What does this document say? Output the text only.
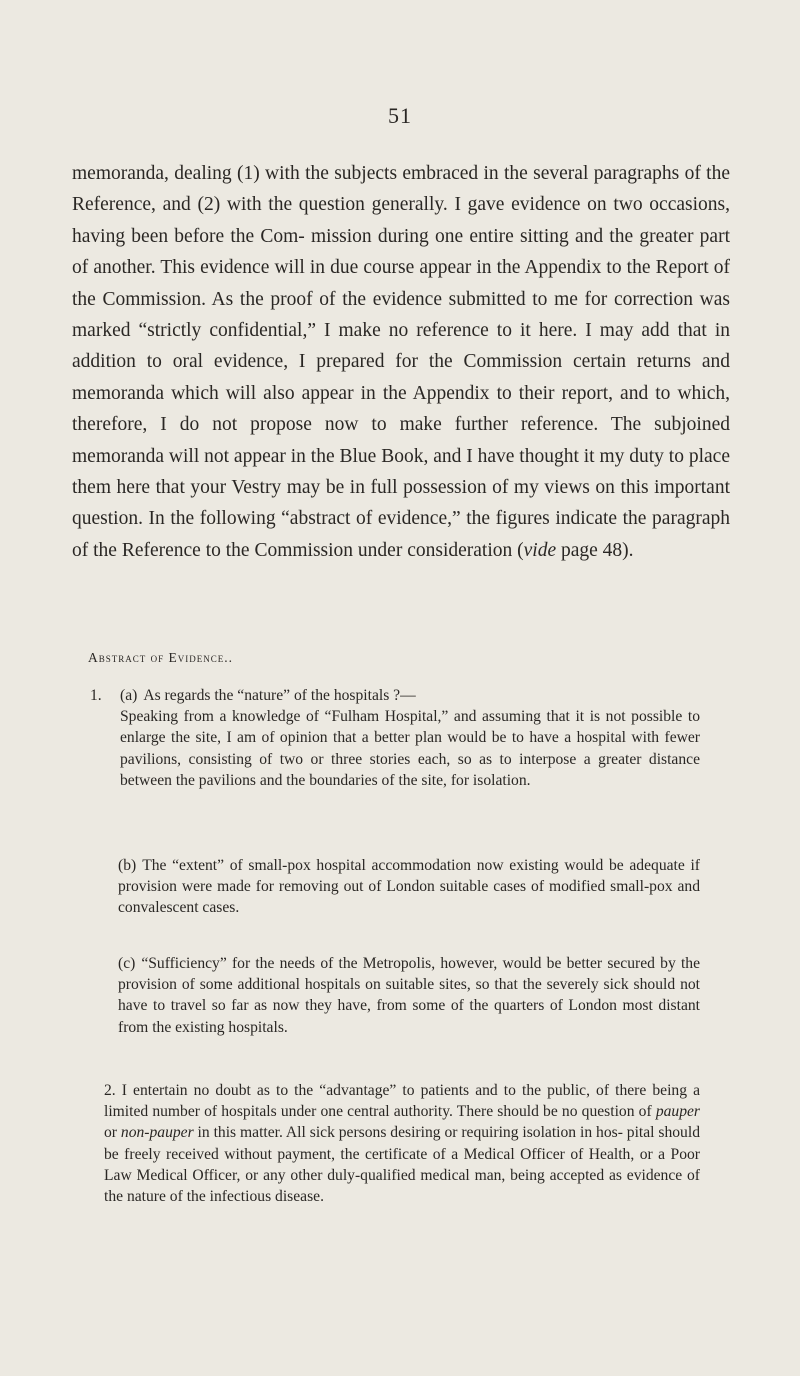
51

memoranda, dealing (1) with the subjects embraced in the several paragraphs of the Reference, and (2) with the question generally. I gave evidence on two occasions, having been before the Com- mission during one entire sitting and the greater part of another. This evidence will in due course appear in the Appendix to the Report of the Commission. As the proof of the evidence submitted to me for correction was marked “strictly confidential,” I make no reference to it here. I may add that in addition to oral evidence, I prepared for the Commission certain returns and memoranda which will also appear in the Appendix to their report, and to which, therefore, I do not propose now to make further reference. The subjoined memoranda will not appear in the Blue Book, and I have thought it my duty to place them here that your Vestry may be in full possession of my views on this important question. In the following “abstract of evidence,” the figures indicate the paragraph of the Reference to the Commission under consideration (vide page 48).

Abstract of Evidence..
1. (a) As regards the “nature” of the hospitals ?—
Speaking from a knowledge of “Fulham Hospital,” and assuming that it is not possible to enlarge the site, I am of opinion that a better plan would be to have a hospital with fewer pavilions, consisting of two or three stories each, so as to interpose a greater distance between the pavilions and the boundaries of the site, for isolation.
(b) The “extent” of small-pox hospital accommodation now existing would be adequate if provision were made for removing out of London suitable cases of modified small-pox and convalescent cases.
(c) “Sufficiency” for the needs of the Metropolis, however, would be better secured by the provision of some additional hospitals on suitable sites, so that the severely sick should not have to travel so far as now they have, from some of the quarters of London most distant from the existing hospitals.
2. I entertain no doubt as to the “advantage” to patients and to the public, of there being a limited number of hospitals under one central authority. There should be no question of pauper or non-pauper in this matter. All sick persons desiring or requiring isolation in hos- pital should be freely received without payment, the certificate of a Medical Officer of Health, or a Poor Law Medical Officer, or any other duly-qualified medical man, being accepted as evidence of the nature of the infectious disease.
